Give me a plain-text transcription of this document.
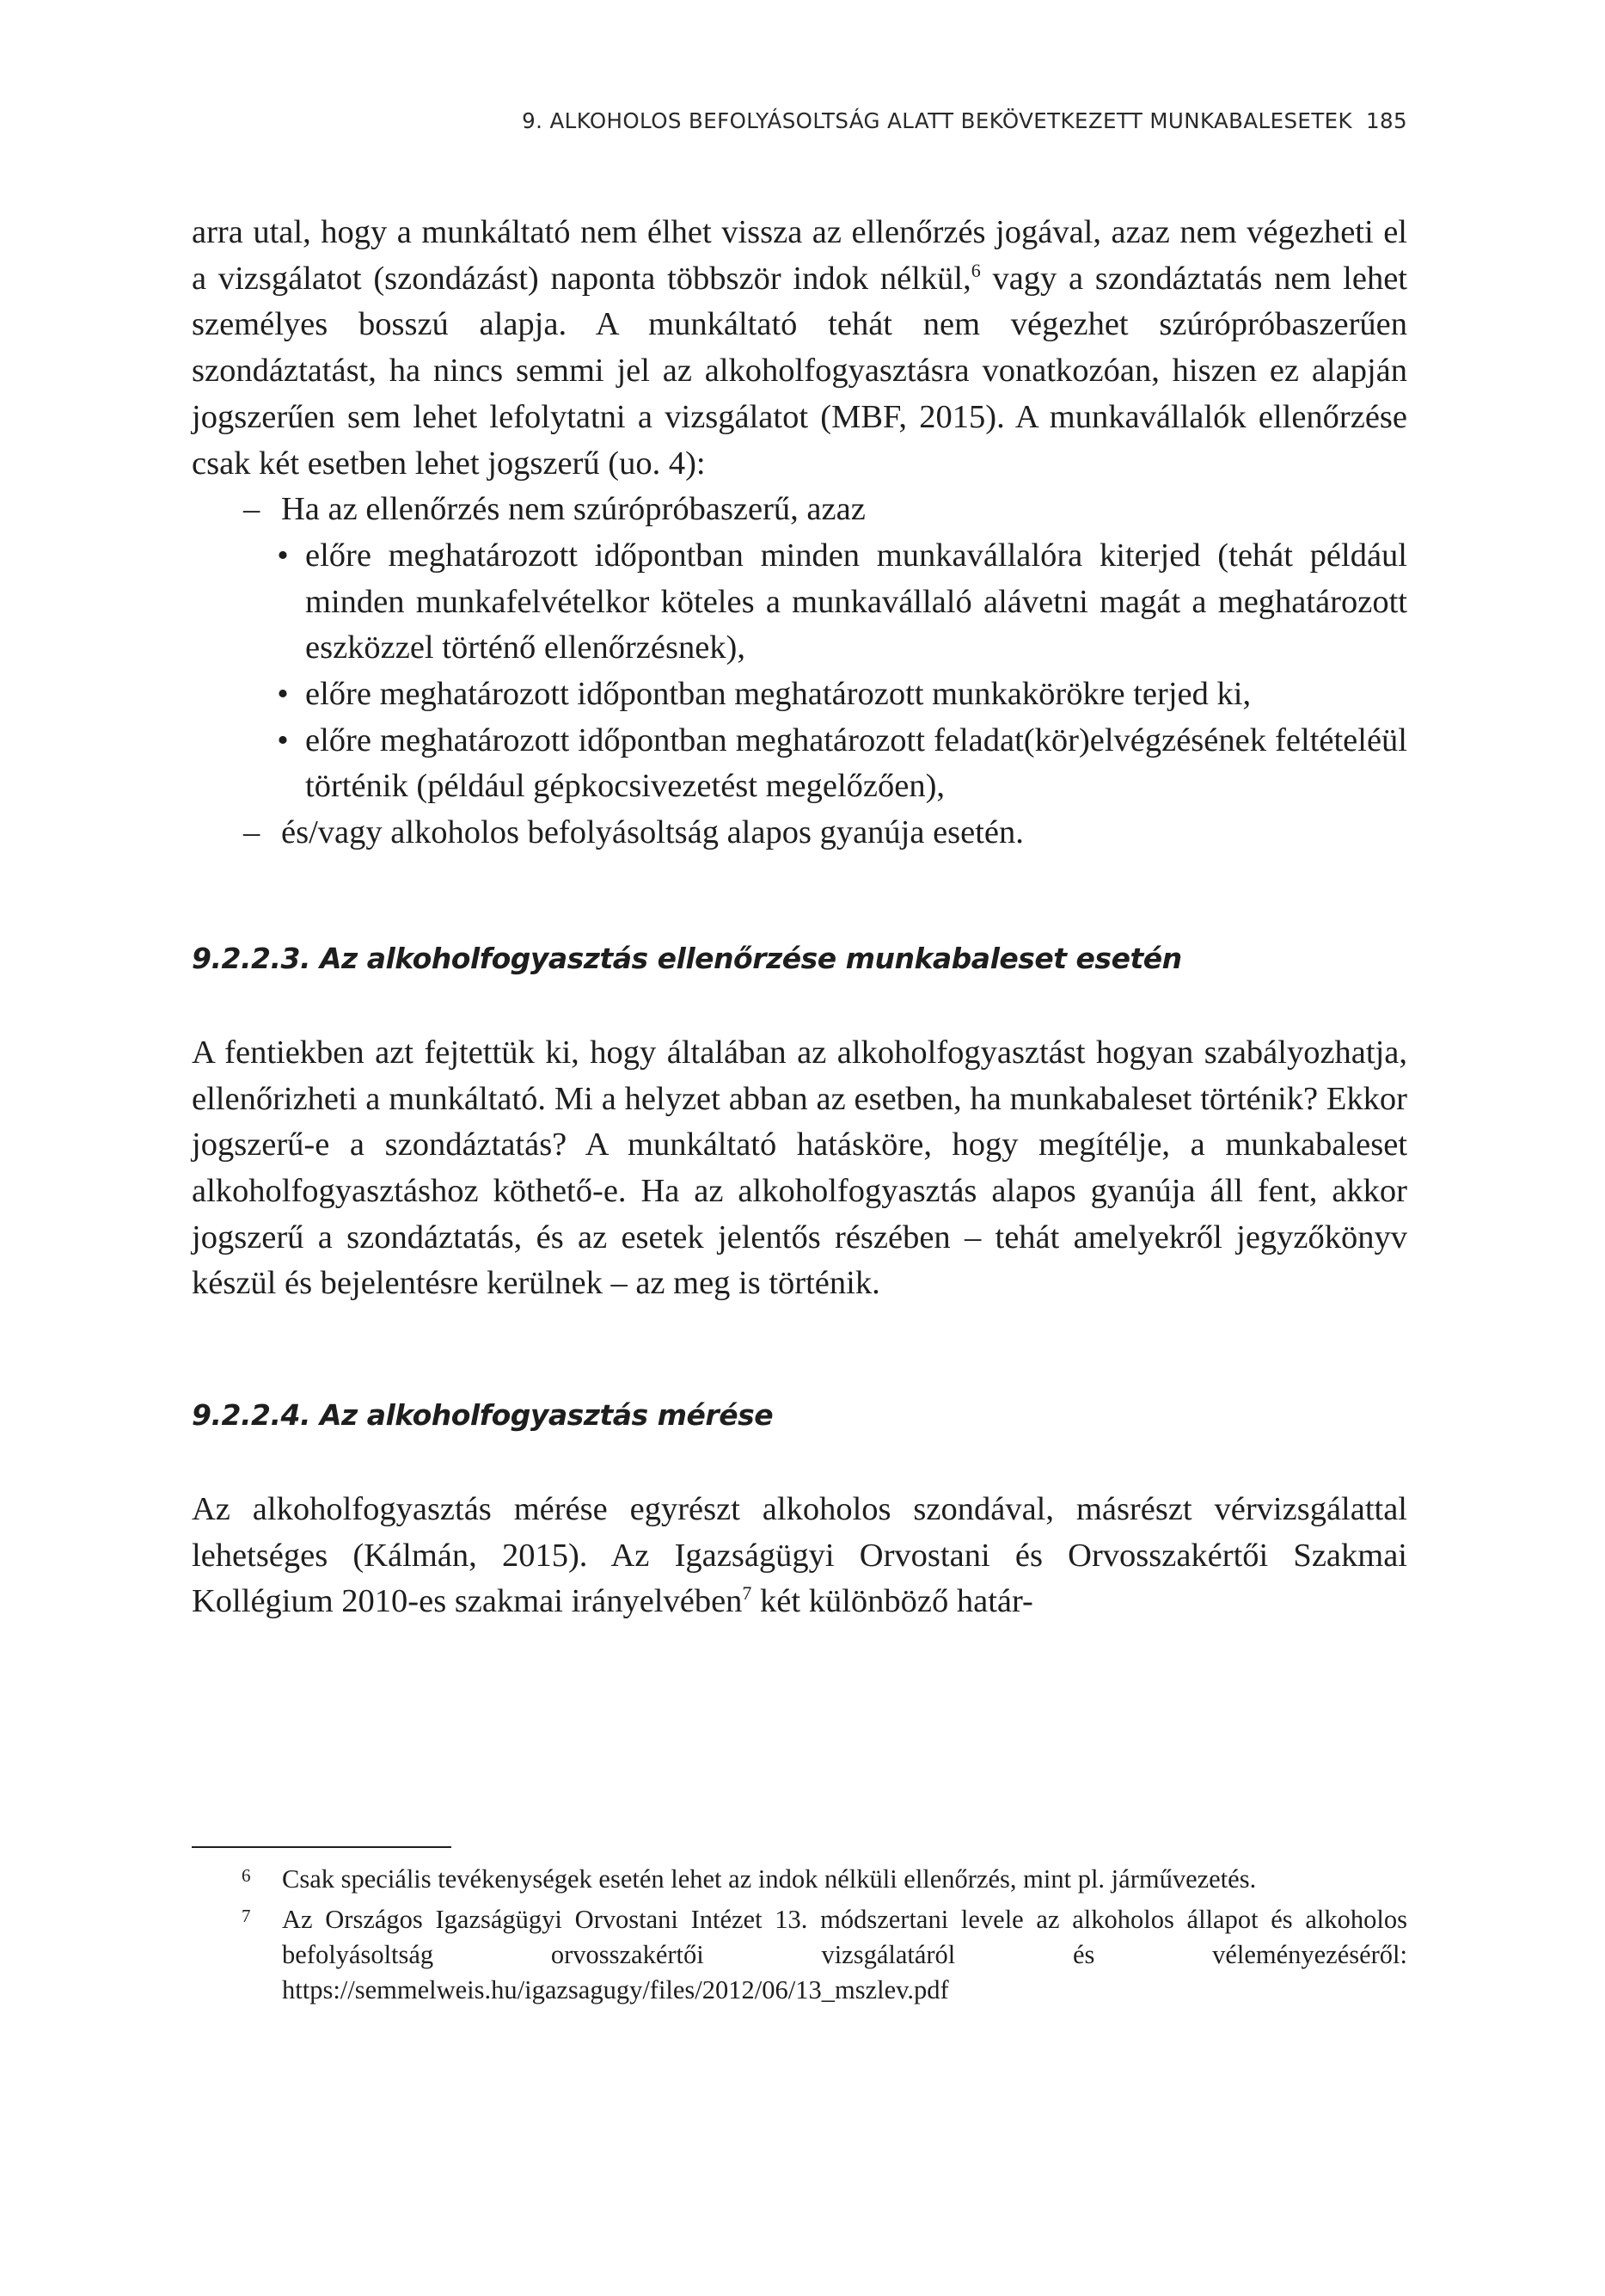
9. ALKOHOLOS BEFOLYÁSOLTSÁG ALATT BEKÖVETKEZETT MUNKABALESETEK 185

arra utal, hogy a munkáltató nem élhet vissza az ellenőrzés jogával, azaz nem végezheti el a vizsgálatot (szondázást) naponta többször indok nélkül,$^6$ vagy a szondáztatás nem lehet személyes bosszú alapja. A munkáltató tehát nem végezhet szúrópróbaszerűen szondáztatást, ha nincs semmi jel az alkoholfogyasztásra vonatkozóan, hiszen ez alapján jogszerűen sem lehet lefolytatni a vizsgálatot (MBF, 2015). A munkavállalók ellenőrzése csak két esetben lehet jogszerű (uo. 4):

– Ha az ellenőrzés nem szúrópróbaszerű, azaz
• előre meghatározott időpontban minden munkavállalóra kiterjed (tehát például minden munkafelvételkor köteles a munkavállaló alávetni magát a meghatározott eszközzel történő ellenőrzésnek),
• előre meghatározott időpontban meghatározott munkakörökre terjed ki,
• előre meghatározott időpontban meghatározott feladat(kör)elvégzésének feltételéül történik (például gépkocsivezetést megelőzően),
– és/vagy alkoholos befolyásoltság alapos gyanúja esetén.
9.2.2.3. Az alkoholfogyasztás ellenőrzése munkabaleset esetén

A fentiekben azt fejtettük ki, hogy általában az alkoholfogyasztást hogyan szabályozhatja, ellenőrizheti a munkáltató. Mi a helyzet abban az esetben, ha munkabaleset történik? Ekkor jogszerű-e a szondáztatás? A munkáltató hatásköre, hogy megítélje, a munkabaleset alkoholfogyasztáshoz köthető-e. Ha az alkoholfogyasztás alapos gyanúja áll fent, akkor jogszerű a szondáztatás, és az esetek jelentős részében – tehát amelyekről jegyzőkönyv készül és bejelentésre kerülnek – az meg is történik.

9.2.2.4. Az alkoholfogyasztás mérése

Az alkoholfogyasztás mérése egyrészt alkoholos szondával, másrészt vérvizsgálattal lehetséges (Kálmán, 2015). Az Igazságügyi Orvostani és Orvosszakértői Szakmai Kollégium 2010-es szakmai irányelvében$^7$ két különböző határ-

6 Csak speciális tevékenységek esetén lehet az indok nélküli ellenőrzés, mint pl. járművezetés.

7 Az Országos Igazságügyi Orvostani Intézet 13. módszertani levele az alkoholos állapot és alkoholos befolyásoltság orvosszakértői vizsgálatáról és véleményezéséről: https://semmelweis.hu/igazsagugy/files/2012/06/13_mszlev.pdf
